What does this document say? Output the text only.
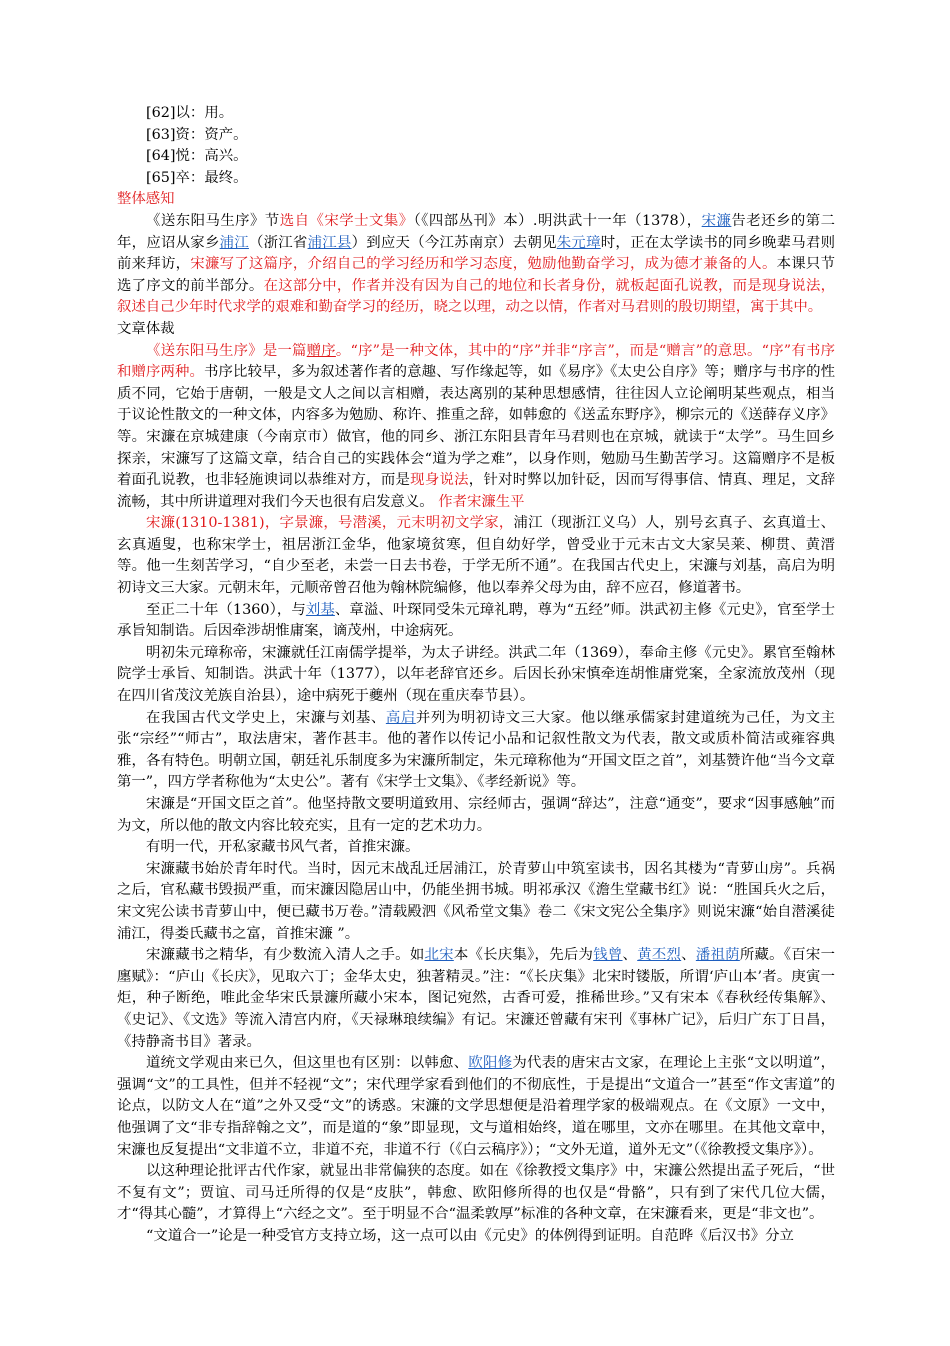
[62]以：用。

[63]资：资产。

[64]悦：高兴。

[65]卒：最终。

整体感知

《送东阳马生序》节选自《宋学士文集》（《四部丛刊》本）.明洪武十一年（1378），宋濂告老还乡的第二年，应诏从家乡浦江（浙江省浦江县）到应天（今江苏南京）去朝见朱元璋时，正在太学读书的同乡晚辈马君则前来拜访，宋濂写了这篇序，介绍自己的学习经历和学习态度，勉励他勤奋学习，成为德才兼备的人。本课只节选了序文的前半部分。在这部分中，作者并没有因为自己的地位和长者身份，就板起面孔说教，而是现身说法，叙述自己少年时代求学的艰难和勤奋学习的经历，晓之以理，动之以情，作者对马君则的殷切期望，寓于其中。

文章体裁

《送东阳马生序》是一篇赠序。“序”是一种文体，其中的“序”并非“序言”，而是“赠言”的意思。“序”有书序和赠序两种。书序比较早，多为叙述著作者的意趣、写作缘起等，如《易序》《太史公自序》等；赠序与书序的性质不同，它始于唐朝，一般是文人之间以言相赠，表达离别的某种思想感情，往往因人立论阐明某些观点，相当于议论性散文的一种文体，内容多为勉励、称许、推重之辞，如韩愈的《送孟东野序》，柳宗元的《送薛存义序》等。宋濂在京城建康（今南京市）做官，他的同乡、浙江东阳县青年马君则也在京城，就读于“太学”。马生回乡探亲，宋濂写了这篇文章，结合自己的实践体会“道为学之难”，以身作则，勉励马生勤苦学习。这篇赠序不是板着面孔说教，也非轻施谀词以恭维对方，而是现身说法，针对时弊以加针砭，因而写得事信、情真、理足，文辞流畅，其中所讲道理对我们今天也很有启发意义。 作者宋濂生平

宋濂(1310-1381)，字景濂，号潜溪，元末明初文学家，浦江（现浙江义乌）人，别号玄真子、玄真道士、玄真遁叟，也称宋学士，祖居浙江金华，他家境贫寒，但自幼好学，曾受业于元末古文大家吴莱、柳贯、黄溍等。他一生刻苦学习，“自少至老，未尝一日去书卷，于学无所不通”。在我国古代史上，宋濂与刘基，高启为明初诗文三大家。元朝末年，元顺帝曾召他为翰林院编修，他以奉养父母为由，辞不应召，修道著书。

至正二十年（1360），与刘基、章溢、叶琛同受朱元璋礼聘，尊为“五经”师。洪武初主修《元史》，官至学士承旨知制诰。后因牵涉胡惟庸案，谪茂州，中途病死。

明初朱元璋称帝，宋濂就任江南儒学提举，为太子讲经。洪武二年（1369），奉命主修《元史》。累官至翰林院学士承旨、知制诰。洪武十年（1377），以年老辞官还乡。后因长孙宋慎牵连胡惟庸党案，全家流放茂州（现在四川省茂汶羌族自治县），途中病死于夔州（现在重庆奉节县）。

在我国古代文学史上，宋濂与刘基、高启并列为明初诗文三大家。他以继承儒家封建道统为己任，为文主张“宗经”“师古”，取法唐宋，著作甚丰。他的著作以传记小品和记叙性散文为代表，散文或质朴简洁或雍容典雅，各有特色。明朝立国，朝廷礼乐制度多为宋濂所制定，朱元璋称他为“开国文臣之首”，刘基赞许他“当今文章第一”，四方学者称他为“太史公”。著有《宋学士文集》、《孝经新说》等。

宋濂是“开国文臣之首”。他坚持散文要明道致用、宗经师古，强调“辞达”，注意“通变”，要求“因事感触”而为文，所以他的散文内容比较充实，且有一定的艺术功力。

有明一代，开私家藏书风气者，首推宋濂。

宋濂藏书始於青年时代。当时，因元末战乱迁居浦江，於青萝山中筑室读书，因名其楼为“青萝山房”。兵祸之后，官私藏书毁损严重，而宋濂因隐居山中，仍能坐拥书城。明祁承汉《澹生堂藏书红》说：“胜国兵火之后，宋文宪公读书青萝山中，便已藏书万卷。”清载殿泗《风希堂文集》卷二《宋文宪公全集序》则说宋濂“始自潜溪徒浦江，得娄氏藏书之富，首推宋濂 ”。

宋濂藏书之精华，有少数流入清人之手。如北宋本《长庆集》，先后为钱曾、黄丕烈、潘祖荫所藏。《百宋一廛赋》：“庐山《长庆》，见取六丁；金华太史，独著精灵。”注：“《长庆集》北宋时镂版，所谓‘庐山本’者。庚寅一炬，种子断绝，唯此金华宋氏景濂所藏小宋本，图记宛然，古香可爱，推稀世珍。”又有宋本《春秋经传集解》、《史记》、《文选》等流入清宫内府，《天禄琳琅续编》有记。宋濂还曾藏有宋刊《事林广记》，后归广东丁日昌，《持静斋书目》著录。

道统文学观由来已久，但这里也有区别：以韩愈、欧阳修为代表的唐宋古文家，在理论上主张“文以明道”，强调“文”的工具性，但并不轻视“文”；宋代理学家看到他们的不彻底性，于是提出“文道合一”甚至“作文害道”的论点，以防文人在“道”之外又受“文”的诱惑。宋濂的文学思想便是沿着理学家的极端观点。在《文原》一文中，他强调了文“非专指辞翰之文”，而是道的“象”即显现，文与道相始终，道在哪里，文亦在哪里。在其他文章中，宋濂也反复提出“文非道不立，非道不充，非道不行（《白云稿序》）；“文外无道，道外无文”（《徐教授文集序》）。

以这种理论批评古代作家，就显出非常偏狭的态度。如在《徐教授文集序》中，宋濂公然提出孟子死后，“世不复有文”；贾谊、司马迁所得的仅是“皮肤”，韩愈、欧阳修所得的也仅是“骨骼”，只有到了宋代几位大儒，才“得其心髓”，才算得上“六经之文”。至于明显不合“温柔敦厚”标准的各种文章，在宋濂看来，更是“非文也”。

“文道合一”论是一种受官方支持立场，这一点可以由《元史》的体例得到证明。自范晔《后汉书》分立
